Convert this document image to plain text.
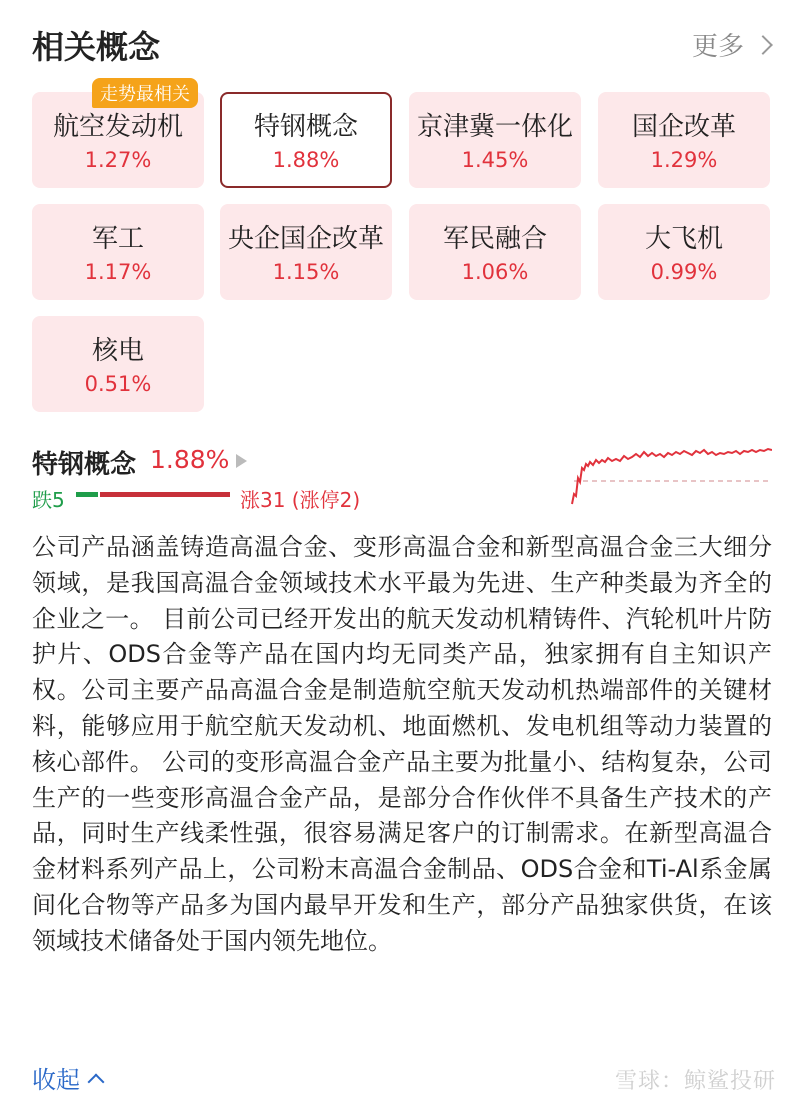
相关概念	更多
走势最相关
航空发动机
1.27%
特钢概念
1.88%
京津冀一体化
1.45%
国企改革
1.29%
军工
1.17%
央企国企改革
1.15%
军民融合
1.06%
大飞机
0.99%
核电
0.51%
特钢概念 1.88%
跌5	涨31 (涨停2)

公司产品涵盖铸造高温合金、变形高温合金和新型高温合金三大细分领域，是我国高温合金领域技术水平最为先进、生产种类最为齐全的企业之一。 目前公司已经开发出的航天发动机精铸件、汽轮机叶片防护片、ODS合金等产品在国内均无同类产品，独家拥有自主知识产权。公司主要产品高温合金是制造航空航天发动机热端部件的关键材料，能够应用于航空航天发动机、地面燃机、发电机组等动力装置的核心部件。 公司的变形高温合金产品主要为批量小、结构复杂，公司生产的一些变形高温合金产品，是部分合作伙伴不具备生产技术的产品，同时生产线柔性强，很容易满足客户的订制需求。在新型高温合金材料系列产品上，公司粉末高温合金制品、ODS合金和Ti-Al系金属间化合物等产品多为国内最早开发和生产，部分产品独家供货，在该领域技术储备处于国内领先地位。

收起	雪球：鲸鲨投研
